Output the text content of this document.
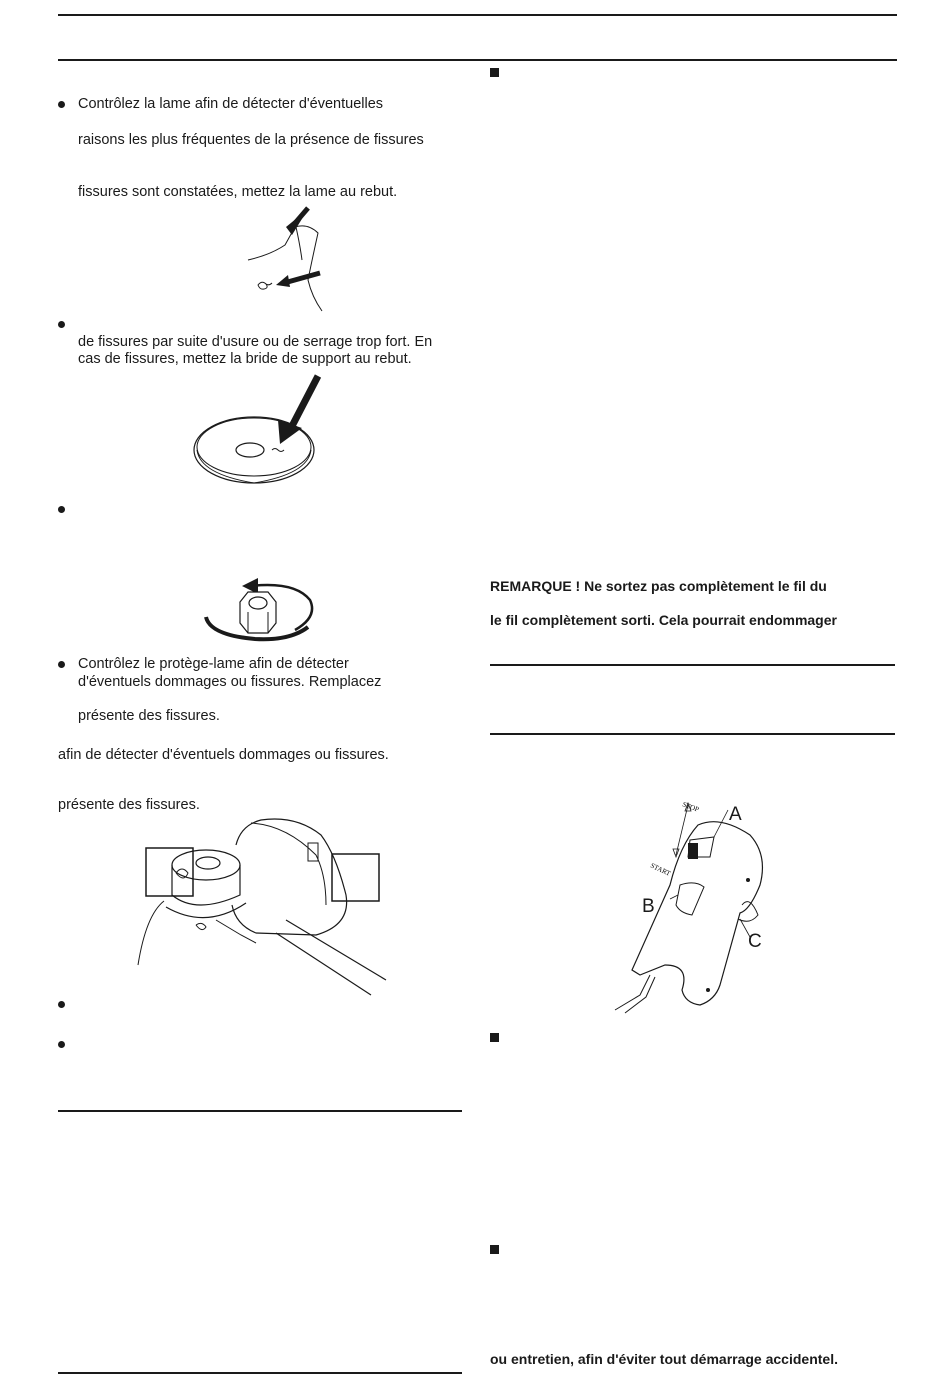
Contrôlez la lame afin de détecter d'éventuelles
raisons les plus fréquentes de la présence de fissures
fissures sont constatées, mettez la lame au rebut.
de fissures par suite d'usure ou de serrage trop fort. En
cas de fissures, mettez la bride de support au rebut.
Contrôlez le protège-lame afin de détecter
d'éventuels dommages ou fissures. Remplacez
présente des fissures.
afin de détecter d'éventuels dommages ou fissures.
présente des fissures.
REMARQUE ! Ne sortez pas complètement le fil du
le fil complètement sorti. Cela pourrait endommager
STOP
START
A
B
C
ou entretien, afin d'éviter tout démarrage accidentel.
